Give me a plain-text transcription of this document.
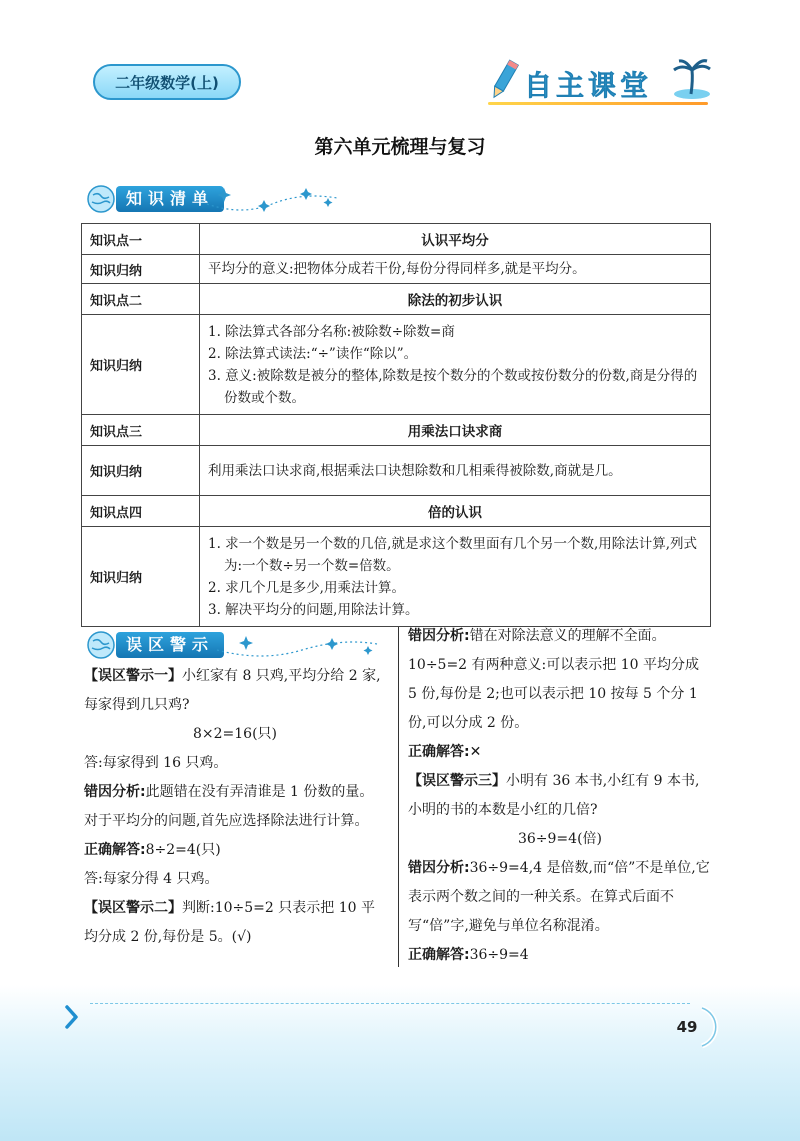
二年级数学(上)	自主课堂
第六单元梳理与复习
知识清单
知识点一	认识平均分
知识归纳	平均分的意义:把物体分成若干份,每份分得同样多,就是平均分。

知识点二	除法的初步认识
知识归纳	1. 除法算式各部分名称:被除数÷除数=商
2. 除法算式读法:“÷”读作“除以”。
3. 意义:被除数是被分的整体,除数是按个数分的个数或按份数分的份数,商是分得的份数或个数。

知识点三	用乘法口诀求商
知识归纳	利用乘法口诀求商,根据乘法口诀想除数和几相乘得被除数,商就是几。

知识点四	倍的认识
知识归纳	1. 求一个数是另一个数的几倍,就是求这个数里面有几个另一个数,用除法计算,列式为:一个数÷另一个数=倍数。
2. 求几个几是多少,用乘法计算。
3. 解决平均分的问题,用除法计算。
误区警示

【误区警示一】小红家有 8 只鸡,平均分给 2 家,每家得到几只鸡?

8×2=16(只)

答:每家得到 16 只鸡。

错因分析:此题错在没有弄清谁是 1 份数的量。对于平均分的问题,首先应选择除法进行计算。

正确解答:8÷2=4(只)

答:每家分得 4 只鸡。

【误区警示二】判断:10÷5=2 只表示把 10 平均分成 2 份,每份是 5。(√)

错因分析:错在对除法意义的理解不全面。10÷5=2 有两种意义:可以表示把 10 平均分成 5 份,每份是 2;也可以表示把 10 按每 5 个分 1 份,可以分成 2 份。

正确解答:✕

【误区警示三】小明有 36 本书,小红有 9 本书,小明的书的本数是小红的几倍?

36÷9=4(倍)

错因分析:36÷9=4,4 是倍数,而“倍”不是单位,它表示两个数之间的一种关系。在算式后面不写“倍”字,避免与单位名称混淆。

正确解答:36÷9=4

49
